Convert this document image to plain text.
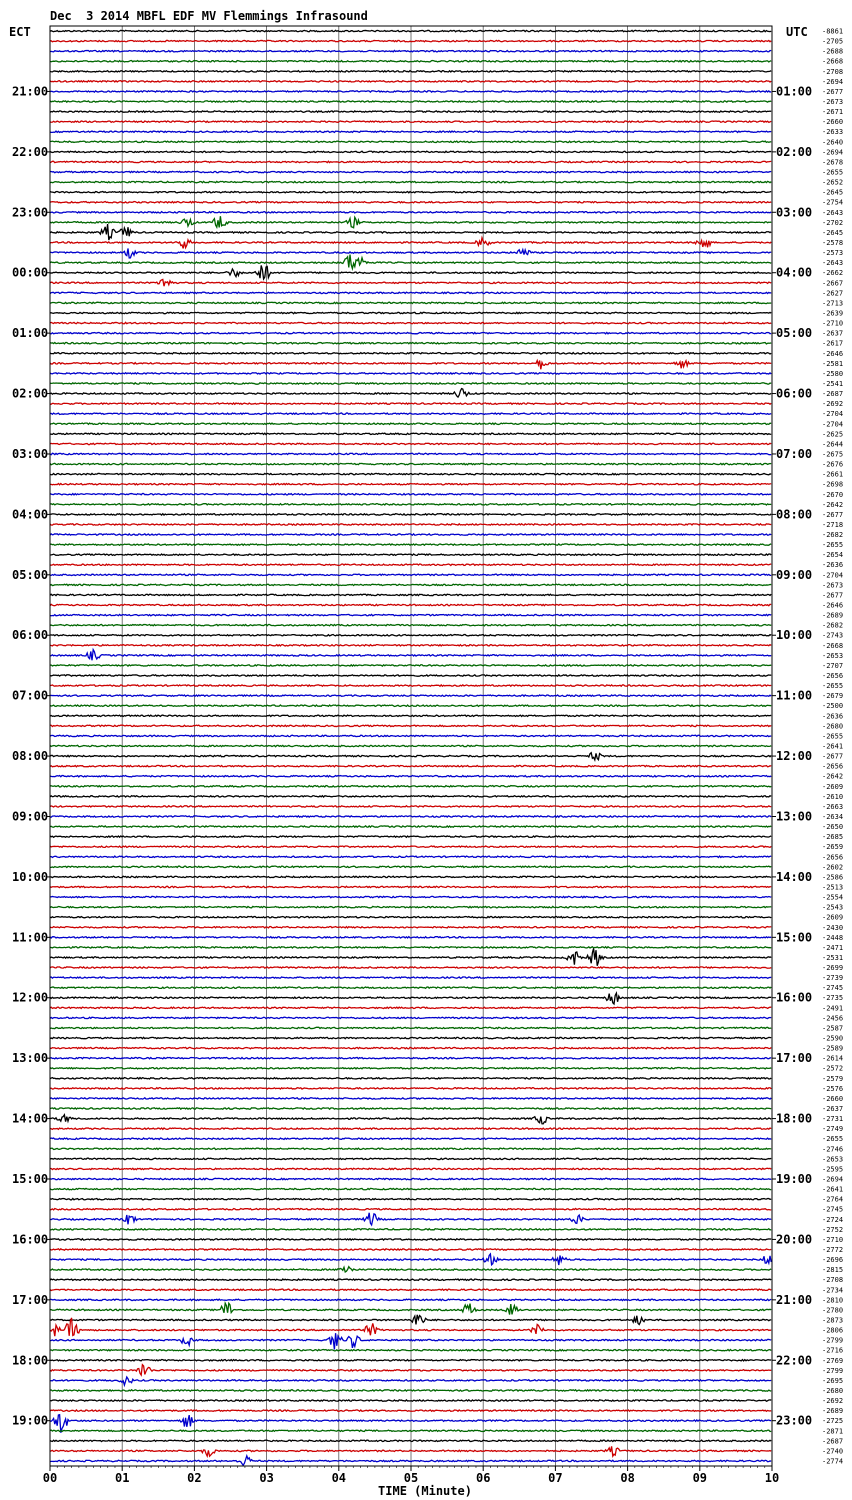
Dec  3 2014 MBFL EDF MV Flemmings Infrasound
-8861
-2705
-2688
-2668
-2708
-2694
-2677
-2673
-2671
-2660
-2633
-2640
-2694
-2678
-2655
-2652
-2645
-2754
-2643
-2702
-2645
-2578
-2573
-2643
-2662
-2667
-2627
-2713
-2639
-2710
-2637
-2617
-2646
-2581
-2580
-2541
-2687
-2692
-2704
-2704
-2625
-2644
-2675
-2676
-2661
-2698
-2670
-2642
-2677
-2718
-2682
-2655
-2654
-2636
-2704
-2673
-2677
-2646
-2689
-2682
-2743
-2668
-2653
-2707
-2656
-2655
-2679
-2500
-2636
-2680
-2655
-2641
-2677
-2656
-2642
-2609
-2610
-2663
-2634
-2650
-2685
-2659
-2656
-2602
-2586
-2513
-2554
-2543
-2609
-2430
-2448
-2471
-2531
-2699
-2739
-2745
-2735
-2491
-2456
-2587
-2590
-2589
-2614
-2572
-2579
-2576
-2660
-2637
-2731
-2749
-2655
-2746
-2653
-2595
-2694
-2641
-2764
-2745
-2724
-2752
-2710
-2772
-2696
-2815
-2708
-2734
-2810
-2780
-2873
-2806
-2799
-2716
-2769
-2799
-2695
-2680
-2692
-2689
-2725
-2871
-2687
-2740
-2774
ECT	UTC
21:00	01:00
22:00	02:00
23:00	03:00
00:00	04:00
01:00	05:00
02:00	06:00
03:00	07:00
04:00	08:00
05:00	09:00
06:00	10:00
07:00	11:00
08:00	12:00
09:00	13:00
10:00	14:00
11:00	15:00
12:00	16:00
13:00	17:00
14:00	18:00
15:00	19:00
16:00	20:00
17:00	21:00
18:00	22:00
19:00	23:00
00	01	02	03	04	05	06	07	08	09	10
TIME (Minute)
